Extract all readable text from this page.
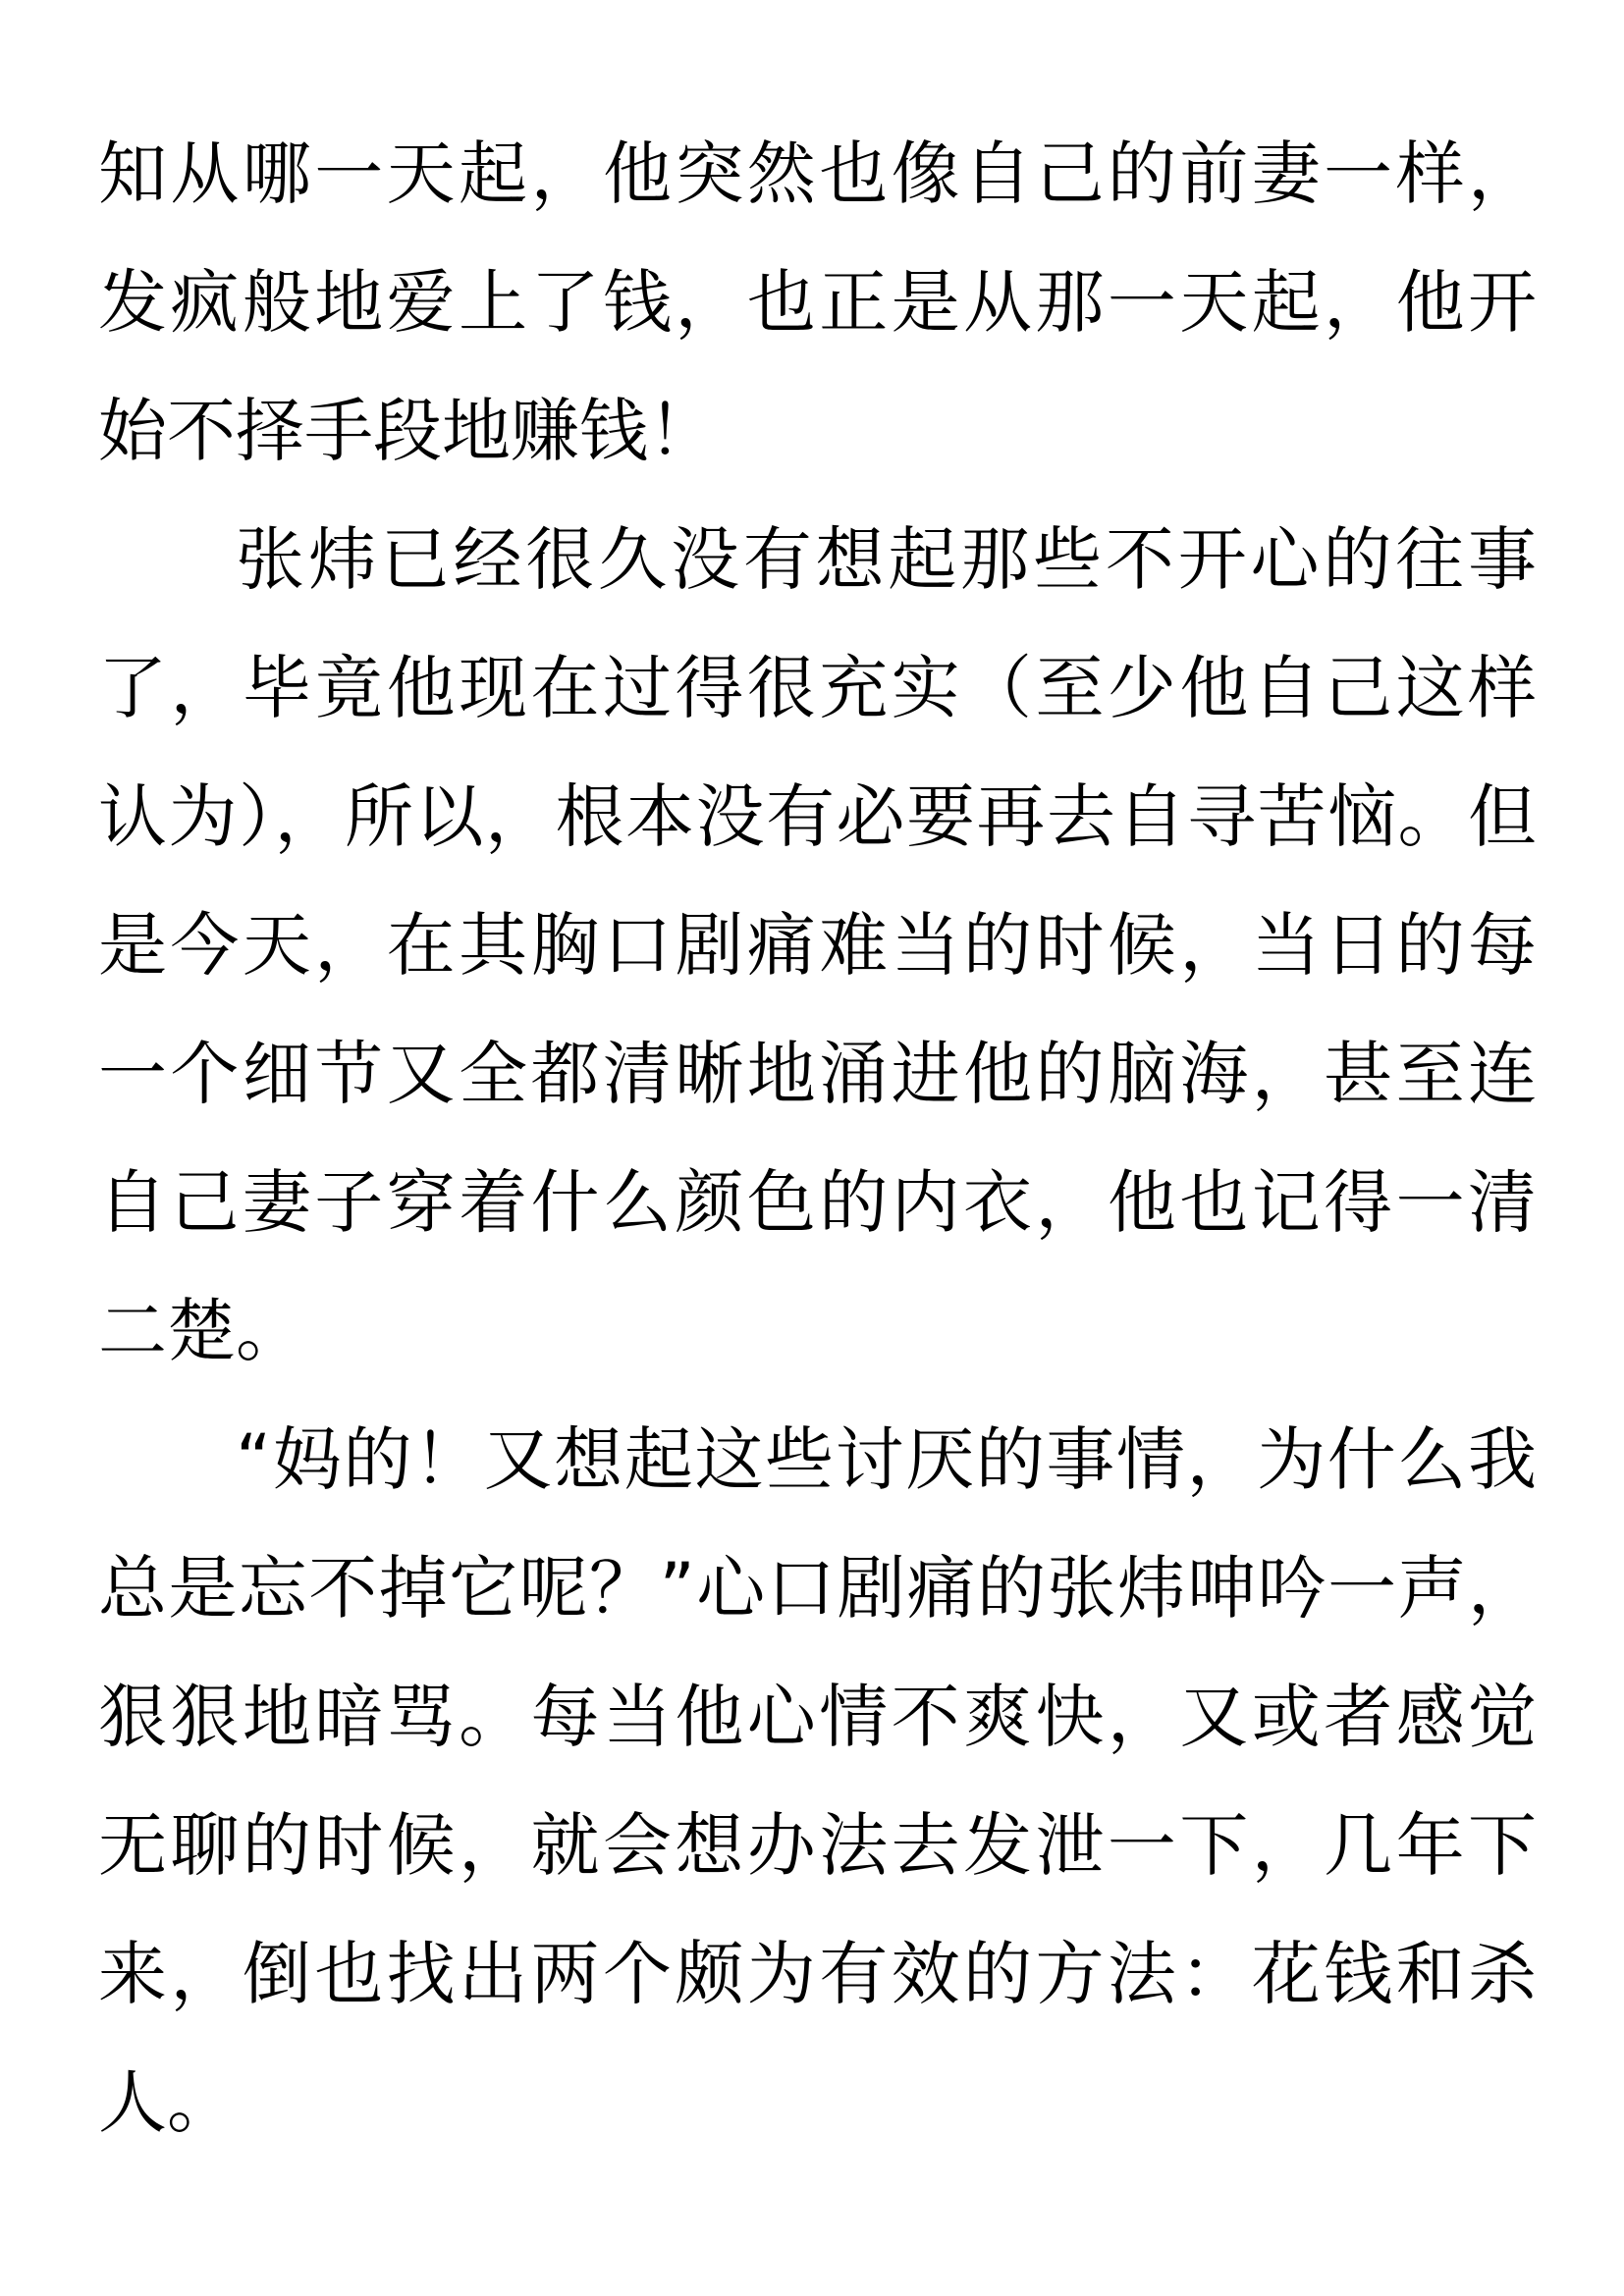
知从哪一天起，他突然也像自己的前妻一样，发疯般地爱上了钱，也正是从那一天起，他开始不择手段地赚钱！

张炜已经很久没有想起那些不开心的往事了，毕竟他现在过得很充实（至少他自己这样认为），所以，根本没有必要再去自寻苦恼。但是今天，在其胸口剧痛难当的时候，当日的每一个细节又全都清晰地涌进他的脑海，甚至连自己妻子穿着什么颜色的内衣，他也记得一清二楚。

“妈的！又想起这些讨厌的事情，为什么我总是忘不掉它呢？”心口剧痛的张炜呻吟一声，狠狠地暗骂。每当他心情不爽快，又或者感觉无聊的时候，就会想办法去发泄一下，几年下来，倒也找出两个颇为有效的方法：花钱和杀人。
